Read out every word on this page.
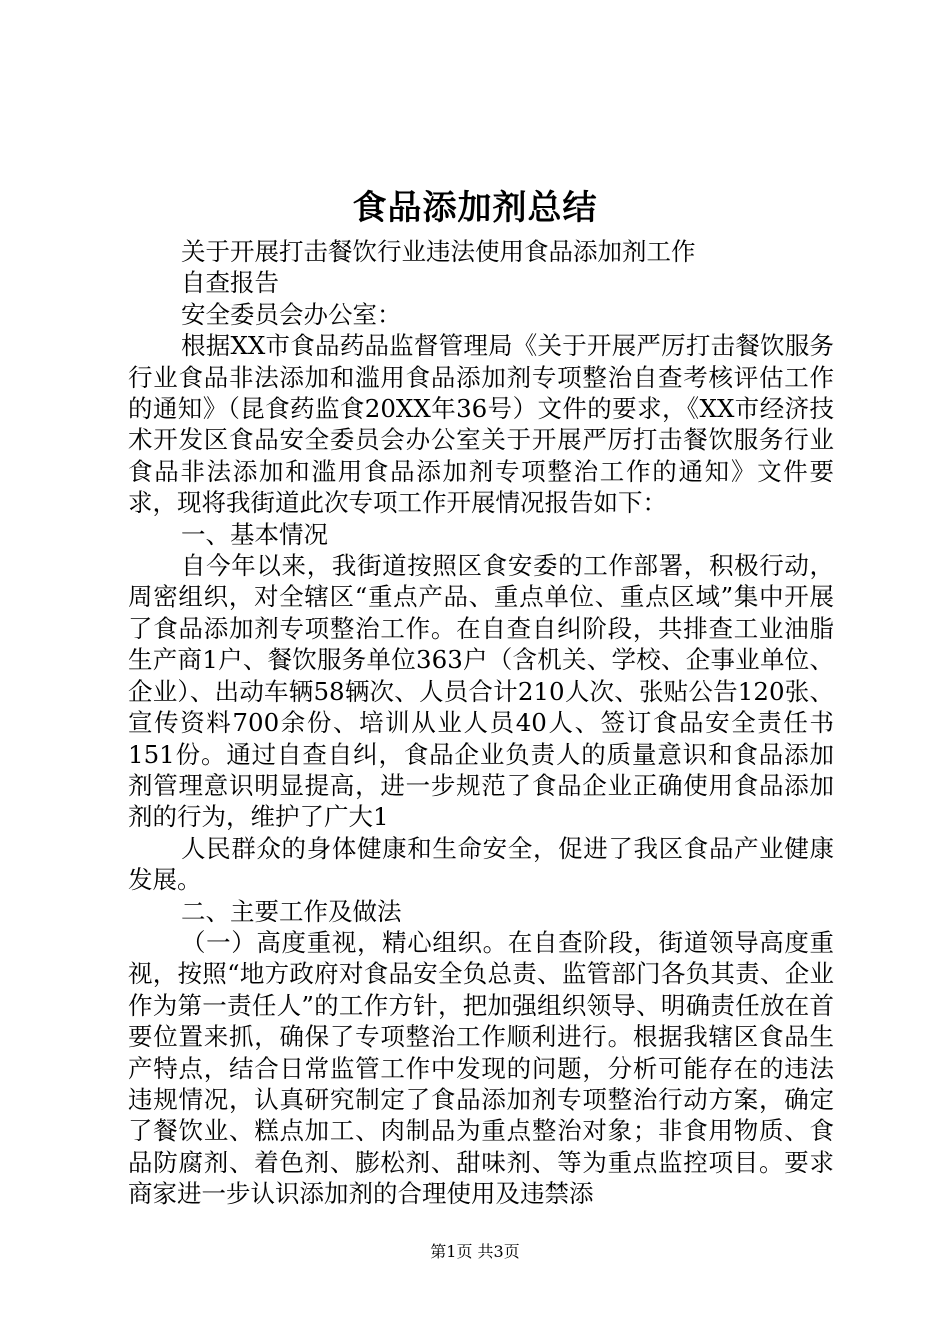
食品添加剂总结

关于开展打击餐饮行业违法使用食品添加剂工作

自查报告

安全委员会办公室：

根据XX市食品药品监督管理局《关于开展严厉打击餐饮服务行业食品非法添加和滥用食品添加剂专项整治自查考核评估工作的通知》（昆食药监食20XX年36号）文件的要求，《XX市经济技术开发区食品安全委员会办公室关于开展严厉打击餐饮服务行业食品非法添加和滥用食品添加剂专项整治工作的通知》文件要求，现将我街道此次专项工作开展情况报告如下：

一、基本情况

自今年以来，我街道按照区食安委的工作部署，积极行动，周密组织，对全辖区“重点产品、重点单位、重点区域”集中开展了食品添加剂专项整治工作。在自查自纠阶段，共排查工业油脂生产商1户、餐饮服务单位363户（含机关、学校、企事业单位、企业）、出动车辆58辆次、人员合计210人次、张贴公告120张、宣传资料700余份、培训从业人员40人、签订食品安全责任书151份。通过自查自纠，食品企业负责人的质量意识和食品添加剂管理意识明显提高，进一步规范了食品企业正确使用食品添加剂的行为，维护了广大1

人民群众的身体健康和生命安全，促进了我区食品产业健康发展。

二、主要工作及做法

（一）高度重视，精心组织。在自查阶段，街道领导高度重视，按照“地方政府对食品安全负总责、监管部门各负其责、企业作为第一责任人”的工作方针，把加强组织领导、明确责任放在首要位置来抓，确保了专项整治工作顺利进行。根据我辖区食品生产特点，结合日常监管工作中发现的问题，分析可能存在的违法违规情况，认真研究制定了食品添加剂专项整治行动方案，确定了餐饮业、糕点加工、肉制品为重点整治对象；非食用物质、食品防腐剂、着色剂、膨松剂、甜味剂、等为重点监控项目。要求商家进一步认识添加剂的合理使用及违禁添

第1页 共3页
